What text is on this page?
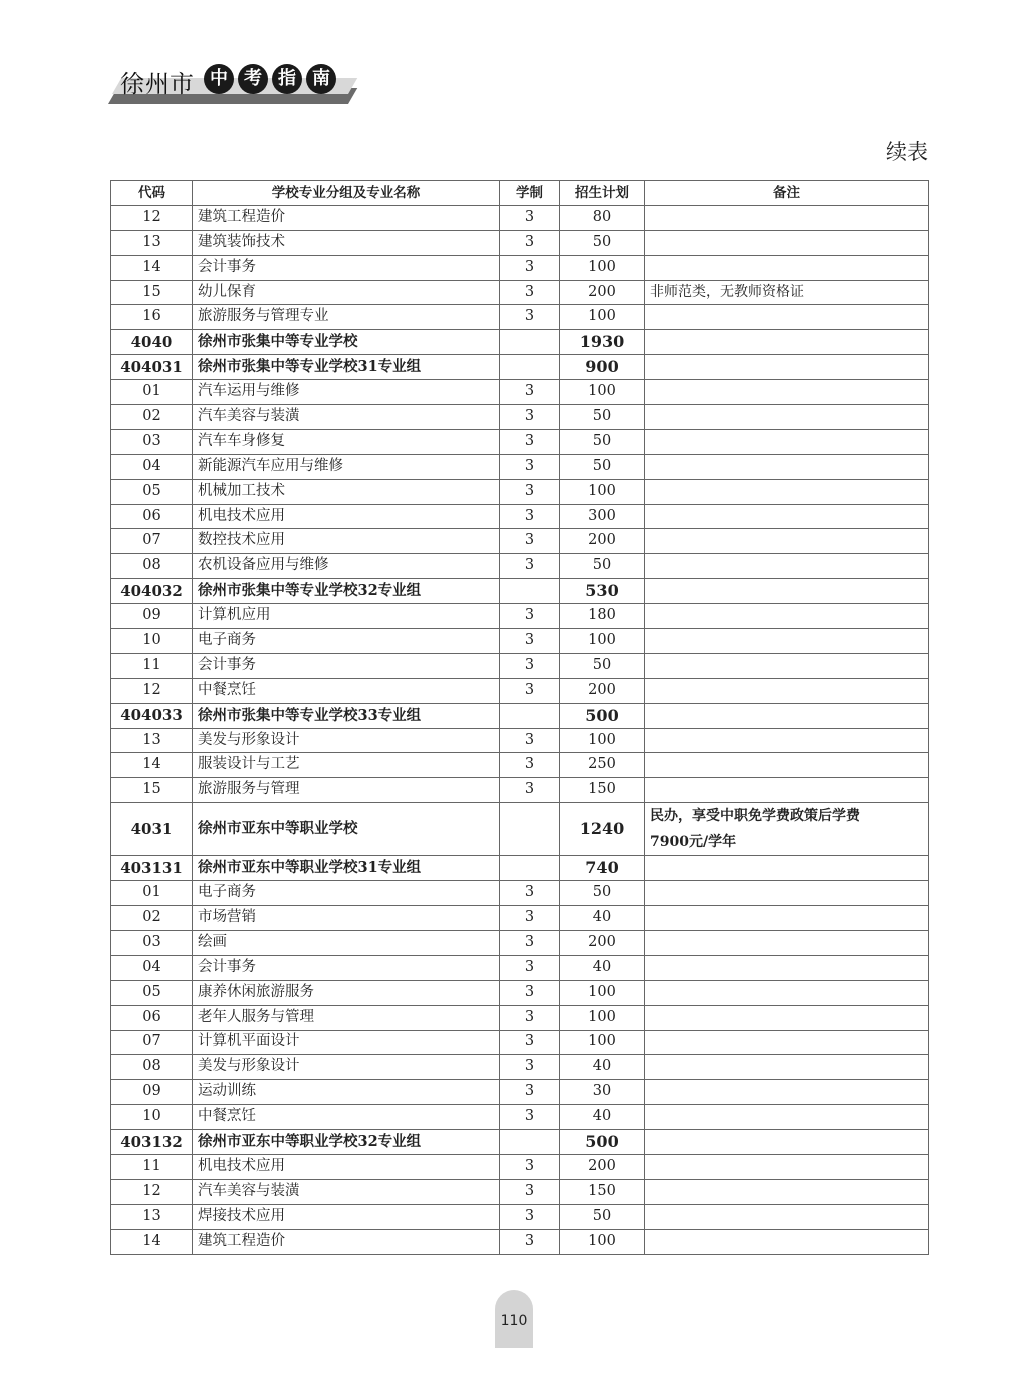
徐州市 中 考 指 南
续表
代码	学校专业分组及专业名称	学制	招生计划	备注
12	建筑工程造价	3	80	
13	建筑装饰技术	3	50	
14	会计事务	3	100	
15	幼儿保育	3	200	非师范类，无教师资格证
16	旅游服务与管理专业	3	100	
4040	徐州市张集中等专业学校		1930	
404031	徐州市张集中等专业学校31专业组		900	
01	汽车运用与维修	3	100	
02	汽车美容与装潢	3	50	
03	汽车车身修复	3	50	
04	新能源汽车应用与维修	3	50	
05	机械加工技术	3	100	
06	机电技术应用	3	300	
07	数控技术应用	3	200	
08	农机设备应用与维修	3	50	
404032	徐州市张集中等专业学校32专业组		530	
09	计算机应用	3	180	
10	电子商务	3	100	
11	会计事务	3	50	
12	中餐烹饪	3	200	
404033	徐州市张集中等专业学校33专业组		500	
13	美发与形象设计	3	100	
14	服装设计与工艺	3	250	
15	旅游服务与管理	3	150	
4031	徐州市亚东中等职业学校		1240	民办，享受中职免学费政策后学费
7900元/学年

403131	徐州市亚东中等职业学校31专业组		740	
01	电子商务	3	50	
02	市场营销	3	40	
03	绘画	3	200	
04	会计事务	3	40	
05	康养休闲旅游服务	3	100	
06	老年人服务与管理	3	100	
07	计算机平面设计	3	100	
08	美发与形象设计	3	40	
09	运动训练	3	30	
10	中餐烹饪	3	40	
403132	徐州市亚东中等职业学校32专业组		500	
11	机电技术应用	3	200	
12	汽车美容与装潢	3	150	
13	焊接技术应用	3	50	
14	建筑工程造价	3	100	
110
